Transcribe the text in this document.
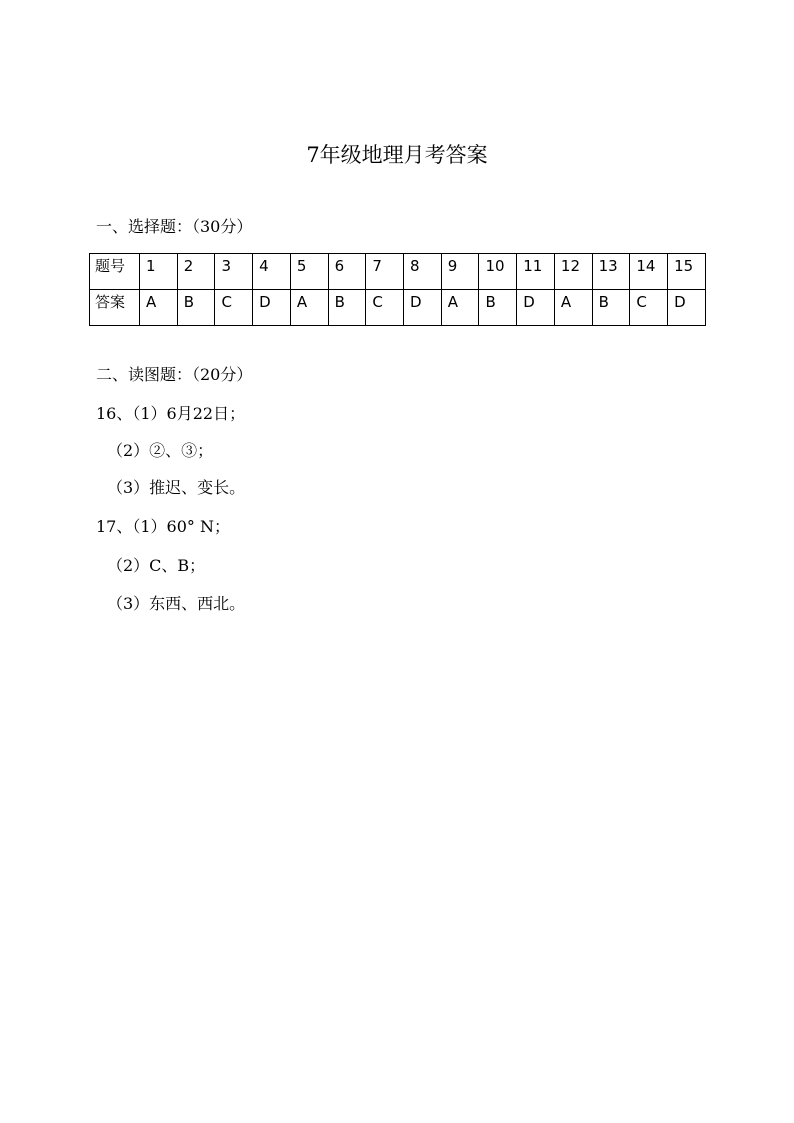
7年级地理月考答案
一、选择题：（30分）
题号	1	2	3	4	5	6	7	8	9	10	11	12	13	14	15
答案	A	B	C	D	A	B	C	D	A	B	D	A	B	C	D
二、读图题：（20分）
16、（1）6月22日；
（2）②、③；
（3）推迟、变长。
17、（1）60° N；
（2）C、B；
（3）东西、西北。
